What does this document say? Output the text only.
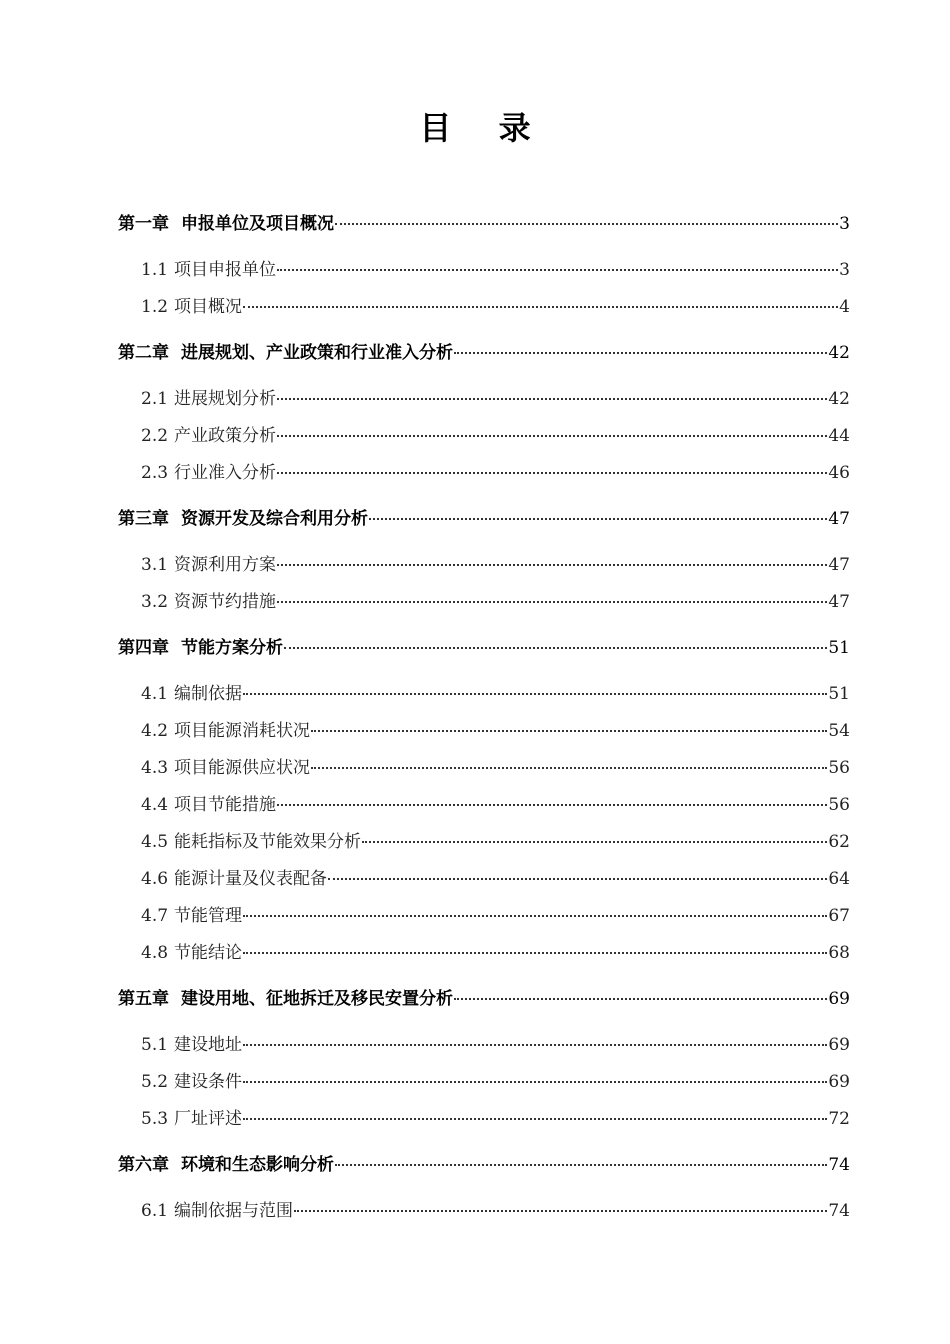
目 录
第一章 申报单位及项目概况	3
1.1 项目申报单位	3
1.2 项目概况	4
第二章 进展规划、产业政策和行业准入分析	42
2.1 进展规划分析	42
2.2 产业政策分析	44
2.3 行业准入分析	46
第三章 资源开发及综合利用分析	47
3.1 资源利用方案	47
3.2 资源节约措施	47
第四章 节能方案分析	51
4.1 编制依据	51
4.2 项目能源消耗状况	54
4.3 项目能源供应状况	56
4.4 项目节能措施	56
4.5 能耗指标及节能效果分析	62
4.6 能源计量及仪表配备	64
4.7 节能管理	67
4.8 节能结论	68
第五章 建设用地、征地拆迁及移民安置分析	69
5.1 建设地址	69
5.2 建设条件	69
5.3 厂址评述	72
第六章 环境和生态影响分析	74
6.1 编制依据与范围	74
